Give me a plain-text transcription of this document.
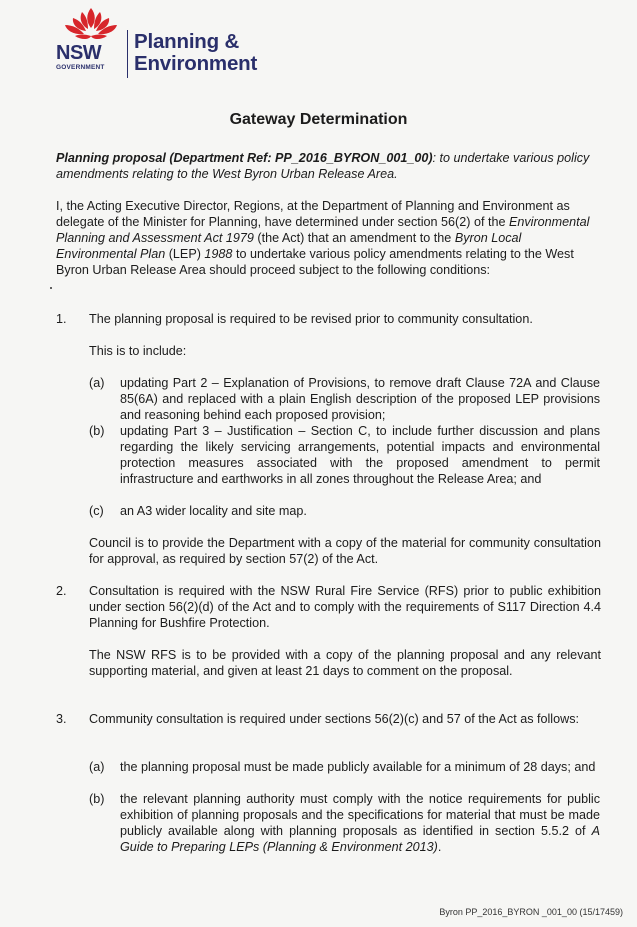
NSW
GOVERNMENT
Planning &
Environment
Gateway Determination

Planning proposal (Department Ref: PP_2016_BYRON_001_00): to undertake various policy amendments relating to the West Byron Urban Release Area.

I, the Acting Executive Director, Regions, at the Department of Planning and Environment as delegate of the Minister for Planning, have determined under section 56(2) of the Environmental Planning and Assessment Act 1979 (the Act) that an amendment to the Byron Local Environmental Plan (LEP) 1988 to undertake various policy amendments relating to the West Byron Urban Release Area should proceed subject to the following conditions:

1. The planning proposal is required to be revised prior to community consultation.

This is to include:

(a) updating Part 2 – Explanation of Provisions, to remove draft Clause 72A and Clause 85(6A) and replaced with a plain English description of the proposed LEP provisions and reasoning behind each proposed provision;

(b) updating Part 3 – Justification – Section C, to include further discussion and plans regarding the likely servicing arrangements, potential impacts and environmental protection measures associated with the proposed amendment to permit infrastructure and earthworks in all zones throughout the Release Area; and

(c) an A3 wider locality and site map.

Council is to provide the Department with a copy of the material for community consultation for approval, as required by section 57(2) of the Act.

2. Consultation is required with the NSW Rural Fire Service (RFS) prior to public exhibition under section 56(2)(d) of the Act and to comply with the requirements of S117 Direction 4.4 Planning for Bushfire Protection.

The NSW RFS is to be provided with a copy of the planning proposal and any relevant supporting material, and given at least 21 days to comment on the proposal.

3. Community consultation is required under sections 56(2)(c) and 57 of the Act as follows:

(a) the planning proposal must be made publicly available for a minimum of 28 days; and

(b) the relevant planning authority must comply with the notice requirements for public exhibition of planning proposals and the specifications for material that must be made publicly available along with planning proposals as identified in section 5.5.2 of A Guide to Preparing LEPs (Planning & Environment 2013).

Byron PP_2016_BYRON _001_00 (15/17459)
